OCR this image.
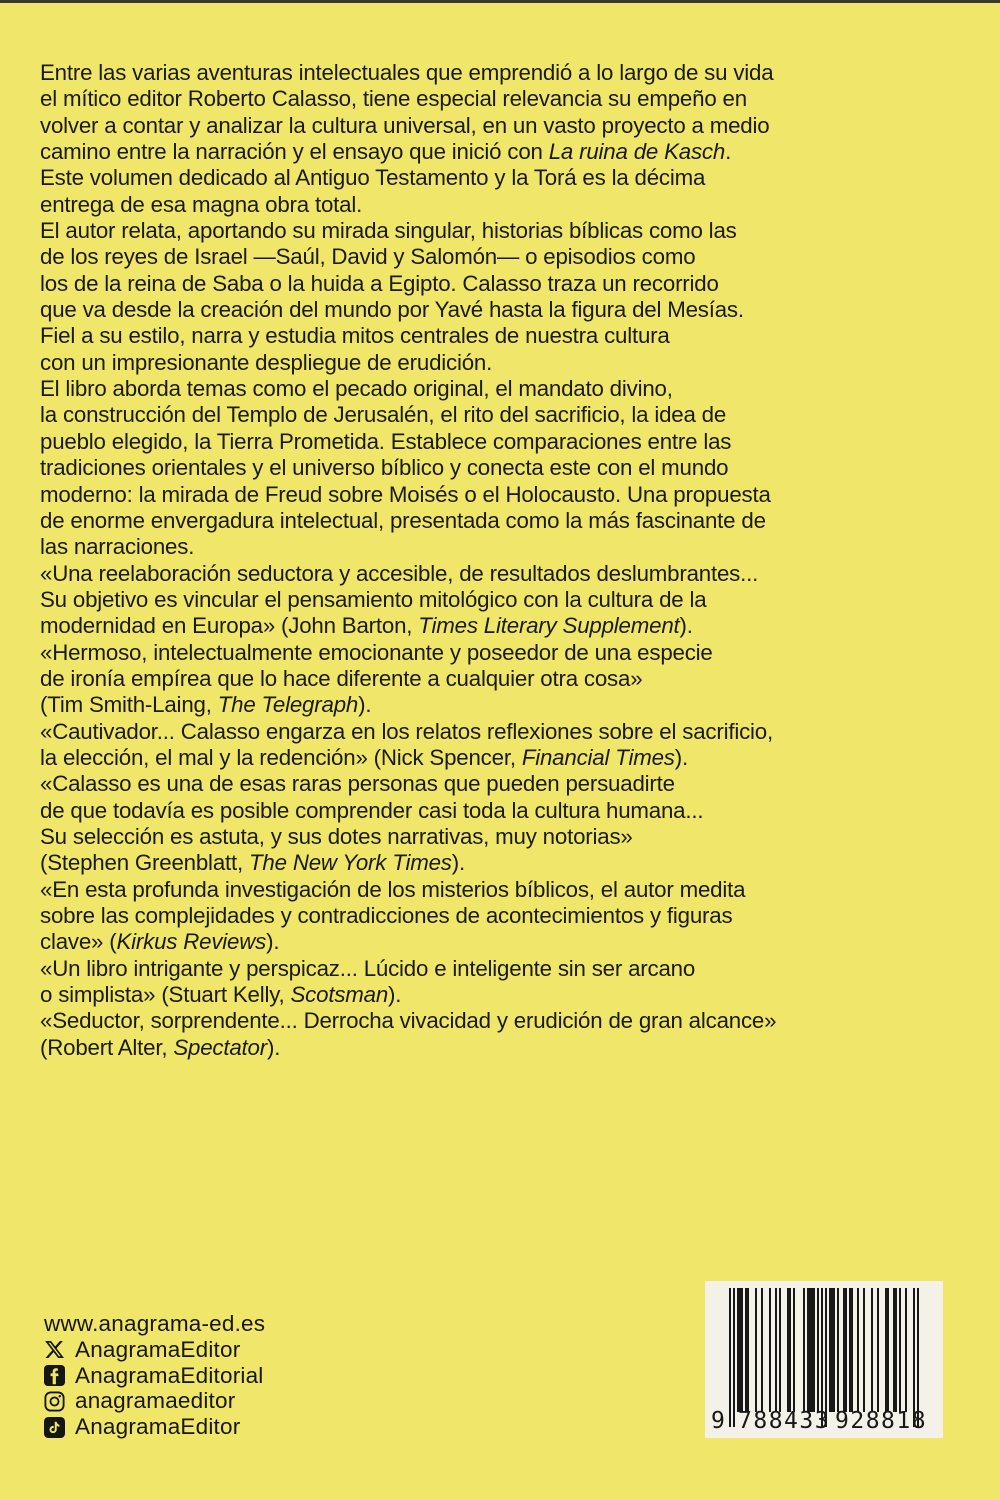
Entre las varias aventuras intelectuales que emprendió a lo largo de su vida
el mítico editor Roberto Calasso, tiene especial relevancia su empeño en
volver a contar y analizar la cultura universal, en un vasto proyecto a medio
camino entre la narración y el ensayo que inició con La ruina de Kasch.
Este volumen dedicado al Antiguo Testamento y la Torá es la décima
entrega de esa magna obra total.
El autor relata, aportando su mirada singular, historias bíblicas como las
de los reyes de Israel —Saúl, David y Salomón— o episodios como
los de la reina de Saba o la huida a Egipto. Calasso traza un recorrido
que va desde la creación del mundo por Yavé hasta la figura del Mesías.
Fiel a su estilo, narra y estudia mitos centrales de nuestra cultura
con un impresionante despliegue de erudición.
El libro aborda temas como el pecado original, el mandato divino,
la construcción del Templo de Jerusalén, el rito del sacrificio, la idea de
pueblo elegido, la Tierra Prometida. Establece comparaciones entre las
tradiciones orientales y el universo bíblico y conecta este con el mundo
moderno: la mirada de Freud sobre Moisés o el Holocausto. Una propuesta
de enorme envergadura intelectual, presentada como la más fascinante de
las narraciones.
«Una reelaboración seductora y accesible, de resultados deslumbrantes...
Su objetivo es vincular el pensamiento mitológico con la cultura de la
modernidad en Europa» (John Barton, Times Literary Supplement).
«Hermoso, intelectualmente emocionante y poseedor de una especie
de ironía empírea que lo hace diferente a cualquier otra cosa»
(Tim Smith-Laing, The Telegraph).
«Cautivador... Calasso engarza en los relatos reflexiones sobre el sacrificio,
la elección, el mal y la redención» (Nick Spencer, Financial Times).
«Calasso es una de esas raras personas que pueden persuadirte
de que todavía es posible comprender casi toda la cultura humana...
Su selección es astuta, y sus dotes narrativas, muy notorias»
(Stephen Greenblatt, The New York Times).
«En esta profunda investigación de los misterios bíblicos, el autor medita
sobre las complejidades y contradicciones de acontecimientos y figuras
clave» (Kirkus Reviews).
«Un libro intrigante y perspicaz... Lúcido e inteligente sin ser arcano
o simplista» (Stuart Kelly, Scotsman).
«Seductor, sorprendente... Derrocha vivacidad y erudición de gran alcance»
(Robert Alter, Spectator).
www.anagrama-ed.es
AnagramaEditor
AnagramaEditorial
anagramaeditor
AnagramaEditor	9 788433 928818
